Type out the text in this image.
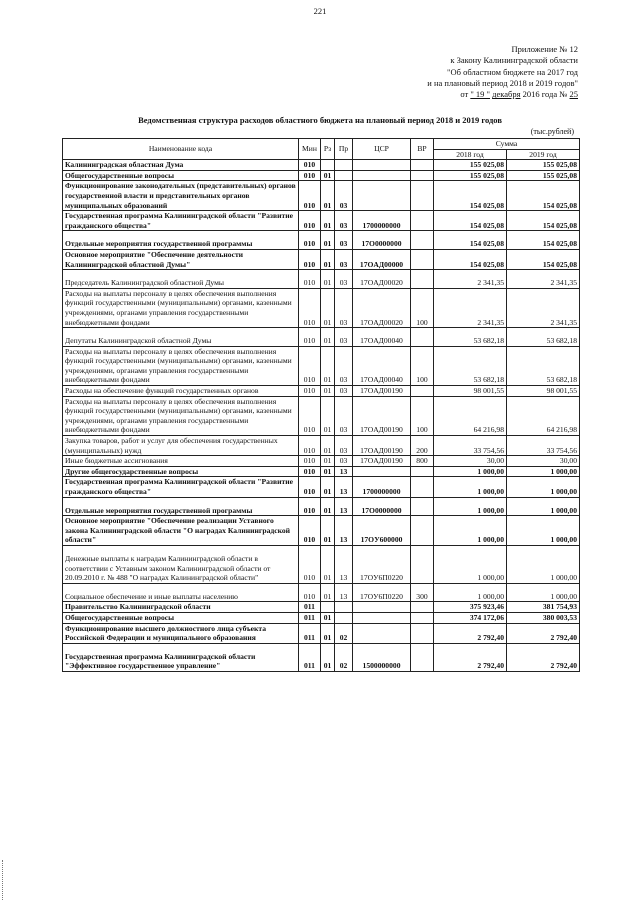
221
Приложение № 12
к Закону Калининградской области
"Об областном бюджете на 2017 год
и на плановый период 2018 и 2019 годов"
от " 19 " декабря 2016 года № 25
Ведомственная структура расходов областного бюджета на плановый период 2018 и 2019 годов
(тыс.рублей)
Наименование кода	Мин	Рз	Пр	ЦСР	ВР	Сумма	
						2018 год	2019 год
Калининградская областная Дума	010					155 025,08	155 025,08
Общегосударственные вопросы	010	01				155 025,08	155 025,08
Функционирование законодательных (представительных) органов государственной власти и представительных органов муниципальных образований	010	01	03			154 025,08	154 025,08
Государственная программа Калининградской области "Развитие гражданского общества"	010	01	03	1700000000		154 025,08	154 025,08
Отдельные мероприятия государственной программы	010	01	03	17O0000000		154 025,08	154 025,08
Основное мероприятие "Обеспечение деятельности Калининградской областной Думы"	010	01	03	17OАД00000		154 025,08	154 025,08
Председатель Калининградской областной Думы	010	01	03	17OАД00020		2 341,35	2 341,35
Расходы на выплаты персоналу в целях обеспечения выполнения функций государственными (муниципальными) органами, казенными учреждениями, органами управления государственными внебюджетными фондами	010	01	03	17OАД00020	100	2 341,35	2 341,35
Депутаты Калининградской областной Думы	010	01	03	17OАД00040		53 682,18	53 682,18
Расходы на выплаты персоналу в целях обеспечения выполнения функций государственными (муниципальными) органами, казенными учреждениями, органами управления государственными внебюджетными фондами	010	01	03	17OАД00040	100	53 682,18	53 682,18
Расходы на обеспечение функций государственных органов	010	01	03	17OАД00190		98 001,55	98 001,55
Расходы на выплаты персоналу в целях обеспечения выполнения функций государственными (муниципальными) органами, казенными учреждениями, органами управления государственными внебюджетными фондами	010	01	03	17OАД00190	100	64 216,98	64 216,98
Закупка товаров, работ и услуг для обеспечения государственных (муниципальных) нужд	010	01	03	17OАД00190	200	33 754,56	33 754,56
Иные бюджетные ассигнования	010	01	03	17OАД00190	800	30,00	30,00
Другие общегосударственные вопросы	010	01	13			1 000,00	1 000,00
Государственная программа Калининградской области "Развитие гражданского общества"	010	01	13	1700000000		1 000,00	1 000,00
Отдельные мероприятия государственной программы	010	01	13	17O0000000		1 000,00	1 000,00
Основное мероприятие "Обеспечение реализации Уставного закона Калининградской области "О наградах Калининградской области"	010	01	13	17OУ600000		1 000,00	1 000,00
Денежные выплаты к наградам Калининградской области в соответствии с Уставным законом Калининградской области от 20.09.2010 г. № 488 "О наградах Калининградской области"	010	01	13	17OУ6П0220		1 000,00	1 000,00
Социальное обеспечение и иные выплаты населению	010	01	13	17OУ6П0220	300	1 000,00	1 000,00
Правительство Калининградской области	011					375 923,46	381 754,93
Общегосударственные вопросы	011	01				374 172,06	380 003,53
Функционирование высшего должностного лица субъекта Российской Федерации и муниципального образования	011	01	02			2 792,40	2 792,40
Государственная программа Калининградской области "Эффективное государственное управление"	011	01	02	1500000000		2 792,40	2 792,40
